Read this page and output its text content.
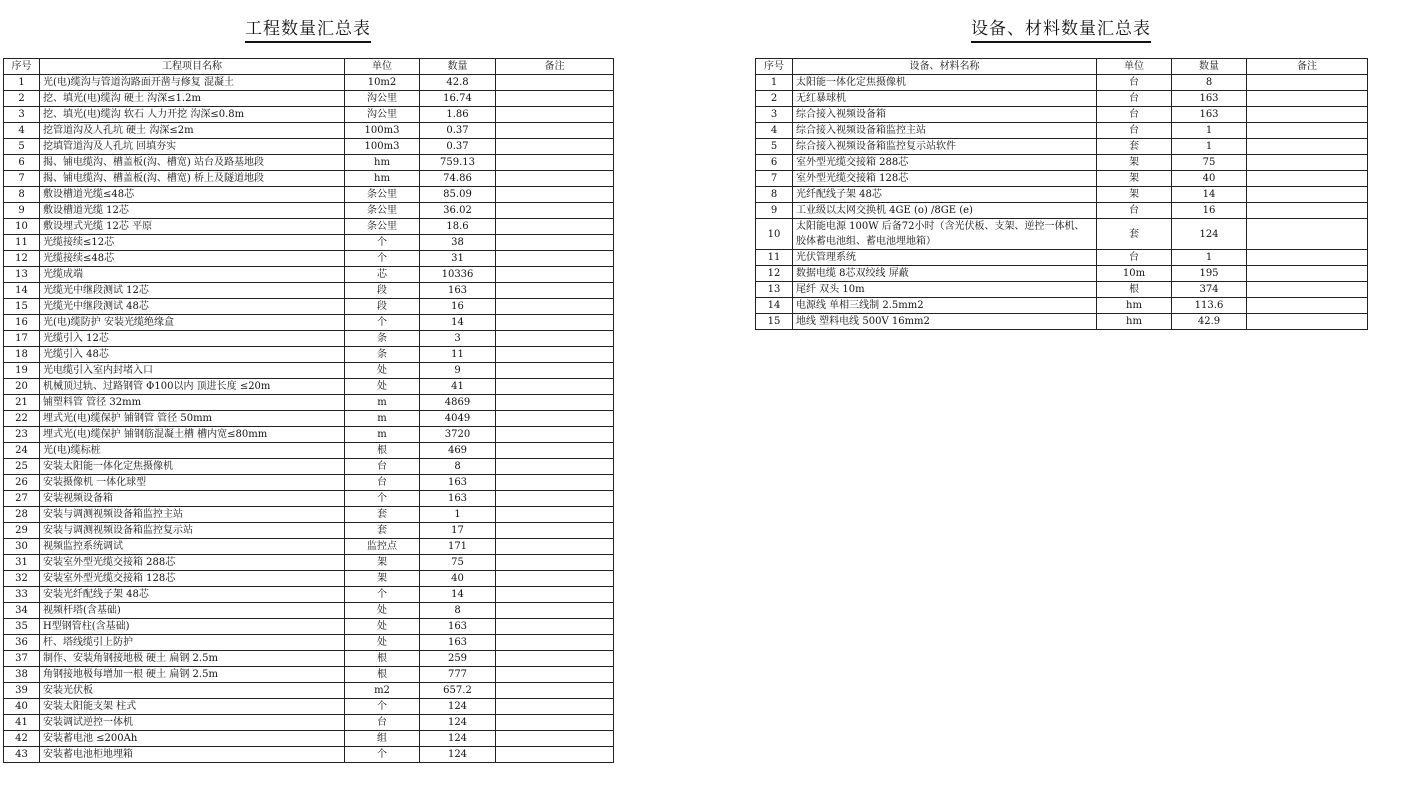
工程数量汇总表	设备、材料数量汇总表
序号	工程项目名称	单位	数量	备注
1	光(电)缆沟与管道沟路面开凿与修复 混凝土	10m2	42.8	
2	挖、填光(电)缆沟 硬土 沟深≤1.2m	沟公里	16.74	
3	挖、填光(电)缆沟 软石 人力开挖 沟深≤0.8m	沟公里	1.86	
4	挖管道沟及人孔坑 硬土 沟深≤2m	100m3	0.37	
5	挖填管道沟及人孔坑 回填夯实	100m3	0.37	
6	揭、铺电缆沟、槽盖板(沟、槽宽) 站台及路基地段	hm	759.13	
7	揭、铺电缆沟、槽盖板(沟、槽宽) 桥上及隧道地段	hm	74.86	
8	敷设槽道光缆≤48芯	条公里	85.09	
9	敷设槽道光缆 12芯	条公里	36.02	
10	敷设埋式光缆 12芯 平原	条公里	18.6	
11	光缆接续≤12芯	个	38	
12	光缆接续≤48芯	个	31	
13	光缆成端	芯	10336	
14	光缆光中继段测试 12芯	段	163	
15	光缆光中继段测试 48芯	段	16	
16	光(电)缆防护 安装光缆绝缘盒	个	14	
17	光缆引入 12芯	条	3	
18	光缆引入 48芯	条	11	
19	光电缆引入室内封堵入口	处	9	
20	机械顶过轨、过路钢管 Φ100以内 顶进长度 ≤20m	处	41	
21	铺塑料管 管径 32mm	m	4869	
22	埋式光(电)缆保护 铺钢管 管径 50mm	m	4049	
23	埋式光(电)缆保护 铺钢筋混凝土槽 槽内宽≤80mm	m	3720	
24	光(电)缆标桩	根	469	
25	安装太阳能一体化定焦摄像机	台	8	
26	安装摄像机 一体化球型	台	163	
27	安装视频设备箱	个	163	
28	安装与调测视频设备箱监控主站	套	1	
29	安装与调测视频设备箱监控复示站	套	17	
30	视频监控系统调试	监控点	171	
31	安装室外型光缆交接箱 288芯	架	75	
32	安装室外型光缆交接箱 128芯	架	40	
33	安装光纤配线子架 48芯	个	14	
34	视频杆塔(含基础)	处	8	
35	H型钢管柱(含基础)	处	163	
36	杆、塔线缆引上防护	处	163	
37	制作、安装角钢接地极 硬土 扁钢 2.5m	根	259	
38	角钢接地极每增加一根 硬土 扁钢 2.5m	根	777	
39	安装光伏板	m2	657.2	
40	安装太阳能支架 柱式	个	124	
41	安装调试逆控一体机	台	124	
42	安装蓄电池 ≤200Ah	组	124	
43	安装蓄电池柜地埋箱	个	124	
序号	设备、材料名称	单位	数量	备注
1	太阳能一体化定焦摄像机	台	8	
2	无红暴球机	台	163	
3	综合接入视频设备箱	台	163	
4	综合接入视频设备箱监控主站	台	1	
5	综合接入视频设备箱监控复示站软件	套	1	
6	室外型光缆交接箱 288芯	架	75	
7	室外型光缆交接箱 128芯	架	40	
8	光纤配线子架 48芯	架	14	
9	工业级以太网交换机 4GE (o) /8GE (e)	台	16	
10	太阳能电源 100W 后备72小时（含光伏板、支架、逆控一体机、胶体蓄电池组、蓄电池埋地箱）	套	124	
11	光伏管理系统	台	1	
12	数据电缆 8芯双绞线 屏蔽	10m	195	
13	尾纤 双头 10m	根	374	
14	电源线 单相三线制 2.5mm2	hm	113.6	
15	地线 塑料电线 500V 16mm2	hm	42.9	
